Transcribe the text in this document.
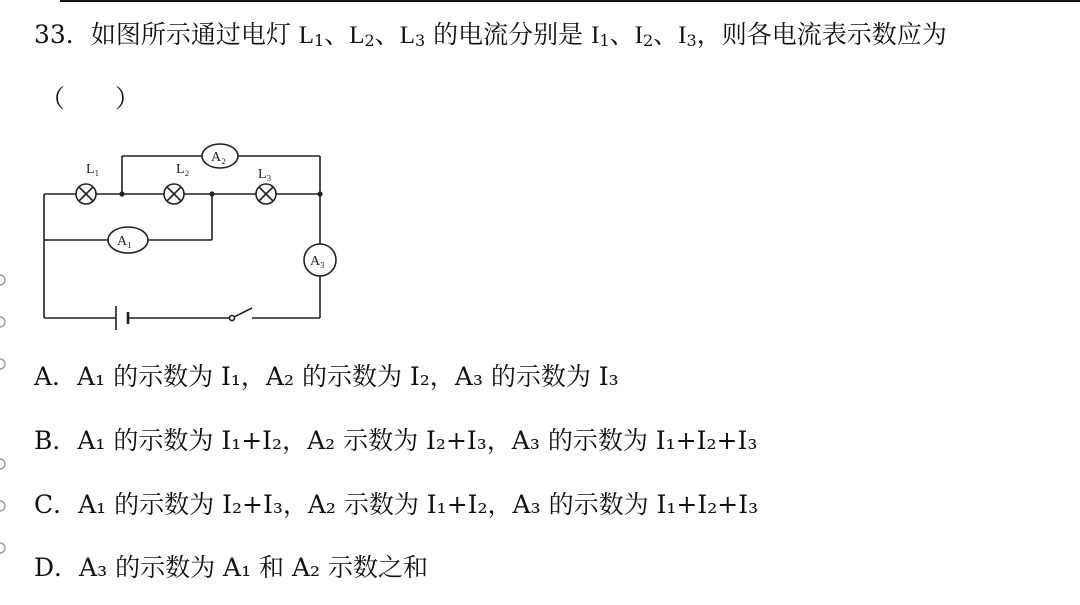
33．如图所示通过电灯 L1、L2、L3 的电流分别是 I1、I2、I3，则各电流表示数应为
（　　）
L₁	L₂	L₃
A₂
A₁
A₃
A．A₁ 的示数为 I₁，A₂ 的示数为 I₂，A₃ 的示数为 I₃
B．A₁ 的示数为 I₁+I₂，A₂ 示数为 I₂+I₃，A₃ 的示数为 I₁+I₂+I₃
C．A₁ 的示数为 I₂+I₃，A₂ 示数为 I₁+I₂，A₃ 的示数为 I₁+I₂+I₃
D．A₃ 的示数为 A₁ 和 A₂ 示数之和
